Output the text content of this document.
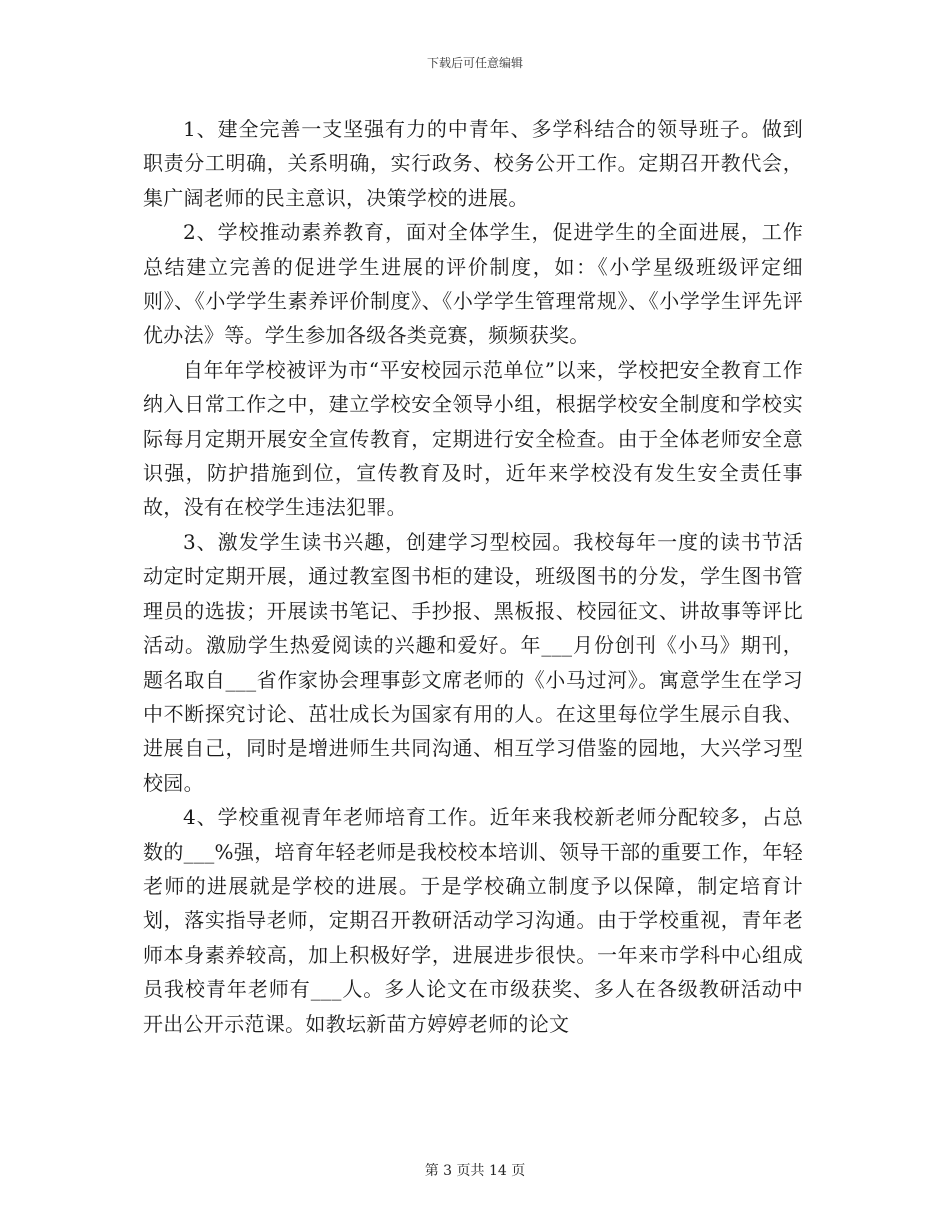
下载后可任意编辑

1、建全完善一支坚强有力的中青年、多学科结合的领导班子。做到职责分工明确，关系明确，实行政务、校务公开工作。定期召开教代会，集广阔老师的民主意识，决策学校的进展。

2、学校推动素养教育，面对全体学生，促进学生的全面进展，工作总结建立完善的促进学生进展的评价制度，如：《小学星级班级评定细则》、《小学学生素养评价制度》、《小学学生管理常规》、《小学学生评先评优办法》等。学生参加各级各类竞赛，频频获奖。

自年年学校被评为市“平安校园示范单位”以来，学校把安全教育工作纳入日常工作之中，建立学校安全领导小组，根据学校安全制度和学校实际每月定期开展安全宣传教育，定期进行安全检查。由于全体老师安全意识强，防护措施到位，宣传教育及时，近年来学校没有发生安全责任事故，没有在校学生违法犯罪。

3、激发学生读书兴趣，创建学习型校园。我校每年一度的读书节活动定时定期开展，通过教室图书柜的建设，班级图书的分发，学生图书管理员的选拔；开展读书笔记、手抄报、黑板报、校园征文、讲故事等评比活动。激励学生热爱阅读的兴趣和爱好。年___月份创刊《小马》期刊，题名取自___省作家协会理事彭文席老师的《小马过河》。寓意学生在学习中不断探究讨论、茁壮成长为国家有用的人。在这里每位学生展示自我、进展自己，同时是增进师生共同沟通、相互学习借鉴的园地，大兴学习型校园。

4、学校重视青年老师培育工作。近年来我校新老师分配较多，占总数的___%强，培育年轻老师是我校校本培训、领导干部的重要工作，年轻老师的进展就是学校的进展。于是学校确立制度予以保障，制定培育计划，落实指导老师，定期召开教研活动学习沟通。由于学校重视，青年老师本身素养较高，加上积极好学，进展进步很快。一年来市学科中心组成员我校青年老师有___人。多人论文在市级获奖、多人在各级教研活动中开出公开示范课。如教坛新苗方婷婷老师的论文

第 3 页共 14 页
